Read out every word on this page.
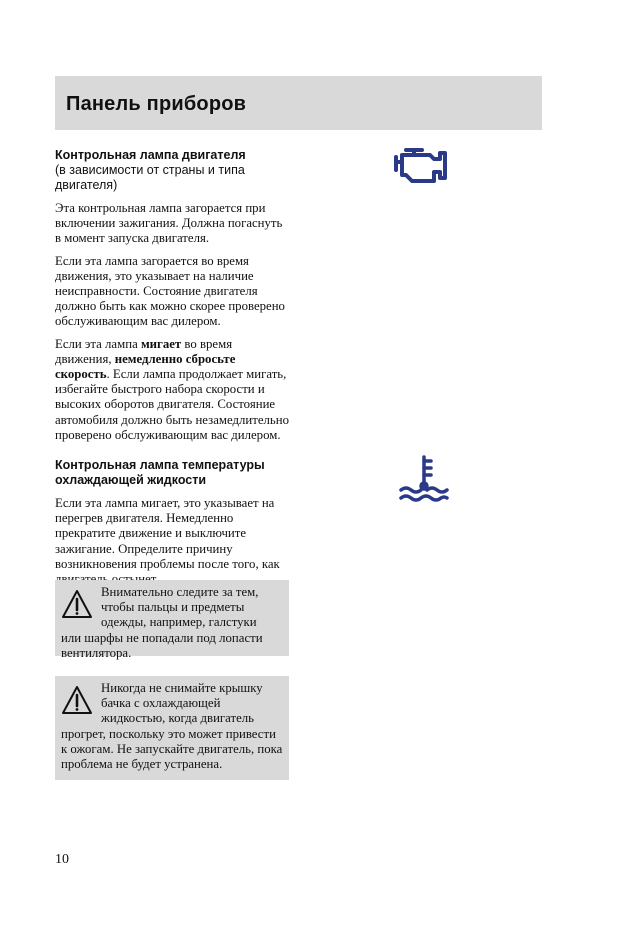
Панель приборов
Контрольная лампа двигателя
(в зависимости от страны и типа
двигателя)

Эта контрольная лампа загорается при включении зажигания. Должна погаснуть в момент запуска двигателя.

Если эта лампа загорается во время движения, это указывает на наличие неисправности. Состояние двигателя должно быть как можно скорее проверено обслуживающим вас дилером.

Если эта лампа мигает во время движения, немедленно сбросьте скорость. Если лампа продолжает мигать, избегайте быстрого набора скорости и высоких оборотов двигателя. Состояние автомобиля должно быть незамедлительно проверено обслуживающим вас дилером.

Контрольная лампа температуры
охлаждающей жидкости

Если эта лампа мигает, это указывает на перегрев двигателя. Немедленно прекратите движение и выключите зажигание. Определите причину возникновения проблемы после того, как

Внимательно следите за тем, чтобы пальцы и предметы одежды, например, галстуки
или шарфы не попадали под лопасти вентилятора.

Никогда не снимайте крышку бачка с охлаждающей жидкостью, когда двигатель
прогрет, поскольку это может привести к ожогам. Не запускайте двигатель, пока проблема не будет устранена.

10
